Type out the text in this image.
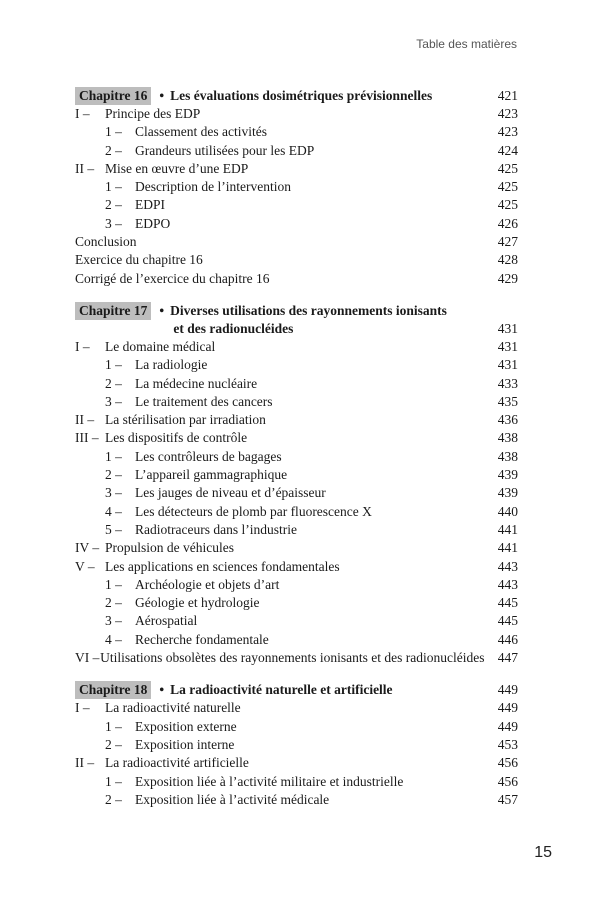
Table des matières
Chapitre 16 • Les évaluations dosimétriques prévisionnelles	421
I –	Principe des EDP	423
1 – Classement des activités	423
2 – Grandeurs utilisées pour les EDP	424
II – Mise en œuvre d’une EDP	425
1 – Description de l’intervention	425
2 – EDPI	425
3 – EDPO	426
Conclusion	427
Exercice du chapitre 16	428
Corrigé de l’exercice du chapitre 16	429
Chapitre 17 • Diverses utilisations des rayonnements ionisants
et des radionucléides	431
I –	Le domaine médical	431
1 – La radiologie	431
2 – La médecine nucléaire	433
3 – Le traitement des cancers	435
II – La stérilisation par irradiation	436
III – Les dispositifs de contrôle	438
1 – Les contrôleurs de bagages	438
2 – L’appareil gammagraphique	439
3 – Les jauges de niveau et d’épaisseur	439
4 – Les détecteurs de plomb par fluorescence X	440
5 – Radiotraceurs dans l’industrie	441
IV – Propulsion de véhicules	441
V – Les applications en sciences fondamentales	443
1 – Archéologie et objets d’art	443
2 – Géologie et hydrologie	445
3 – Aérospatial	445
4 – Recherche fondamentale	446
VI – Utilisations obsolètes des rayonnements ionisants et des radionucléides 447
Chapitre 18 • La radioactivité naturelle et artificielle	449
I –	La radioactivité naturelle	449
1 – Exposition externe	449
2 – Exposition interne	453
II – La radioactivité artificielle	456
1 – Exposition liée à l’activité militaire et industrielle	456
2 – Exposition liée à l’activité médicale	457
15
